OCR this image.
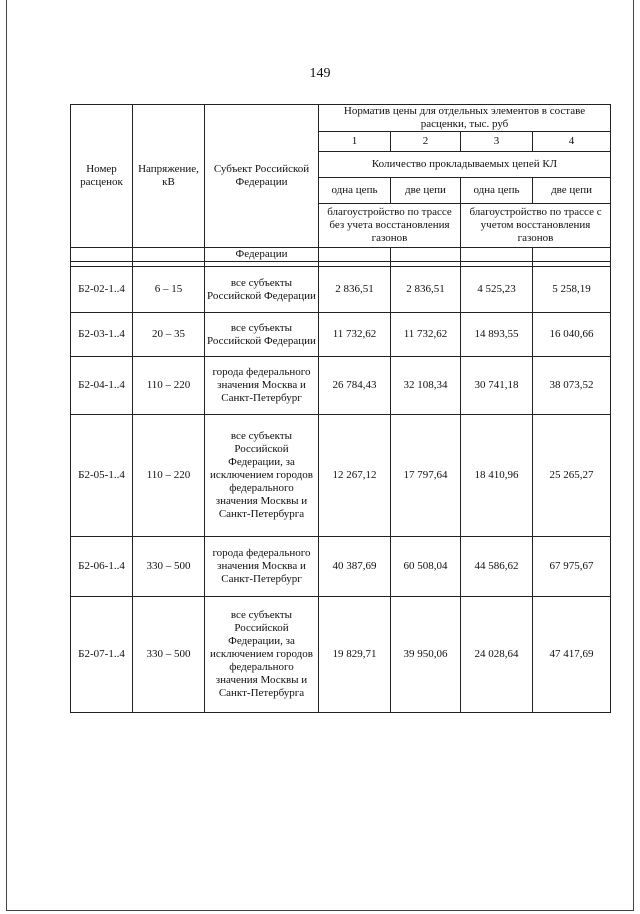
149
Номер расценок	Напряжение, кВ	Субъект Российской Федерации	Норматив цены для отдельных элементов в составе расценки, тыс. руб			
			1	2	3	4
			Количество прокладываемых цепей КЛ			
			одна цепь	две цепи	одна цепь	две цепи
			благоустройство по трассе без учета восстановления газонов		благоустройство по трассе с учетом восстановления газонов	
		Федерации				

Б2-02-1..4	6 – 15	все субъекты Российской Федерации	2 836,51	2 836,51	4 525,23	5 258,19
Б2-03-1..4	20 – 35	все субъекты Российской Федерации	11 732,62	11 732,62	14 893,55	16 040,66
Б2-04-1..4	110 – 220	города федерального значения Москва и Санкт-Петербург	26 784,43	32 108,34	30 741,18	38 073,52
Б2-05-1..4	110 – 220	все субъекты Российской Федерации, за исключением городов федерального значения Москвы и Санкт-Петербурга	12 267,12	17 797,64	18 410,96	25 265,27
Б2-06-1..4	330 – 500	города федерального значения Москва и Санкт-Петербург	40 387,69	60 508,04	44 586,62	67 975,67
Б2-07-1..4	330 – 500	все субъекты Российской Федерации, за исключением городов федерального значения Москвы и Санкт-Петербурга	19 829,71	39 950,06	24 028,64	47 417,69
